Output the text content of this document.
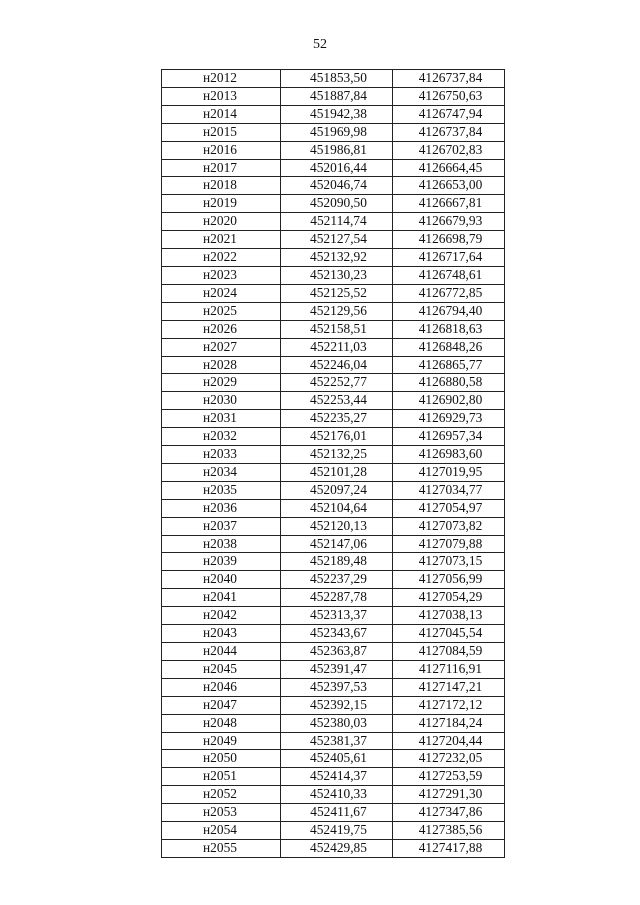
52
н2012	451853,50	4126737,84
н2013	451887,84	4126750,63
н2014	451942,38	4126747,94
н2015	451969,98	4126737,84
н2016	451986,81	4126702,83
н2017	452016,44	4126664,45
н2018	452046,74	4126653,00
н2019	452090,50	4126667,81
н2020	452114,74	4126679,93
н2021	452127,54	4126698,79
н2022	452132,92	4126717,64
н2023	452130,23	4126748,61
н2024	452125,52	4126772,85
н2025	452129,56	4126794,40
н2026	452158,51	4126818,63
н2027	452211,03	4126848,26
н2028	452246,04	4126865,77
н2029	452252,77	4126880,58
н2030	452253,44	4126902,80
н2031	452235,27	4126929,73
н2032	452176,01	4126957,34
н2033	452132,25	4126983,60
н2034	452101,28	4127019,95
н2035	452097,24	4127034,77
н2036	452104,64	4127054,97
н2037	452120,13	4127073,82
н2038	452147,06	4127079,88
н2039	452189,48	4127073,15
н2040	452237,29	4127056,99
н2041	452287,78	4127054,29
н2042	452313,37	4127038,13
н2043	452343,67	4127045,54
н2044	452363,87	4127084,59
н2045	452391,47	4127116,91
н2046	452397,53	4127147,21
н2047	452392,15	4127172,12
н2048	452380,03	4127184,24
н2049	452381,37	4127204,44
н2050	452405,61	4127232,05
н2051	452414,37	4127253,59
н2052	452410,33	4127291,30
н2053	452411,67	4127347,86
н2054	452419,75	4127385,56
н2055	452429,85	4127417,88
